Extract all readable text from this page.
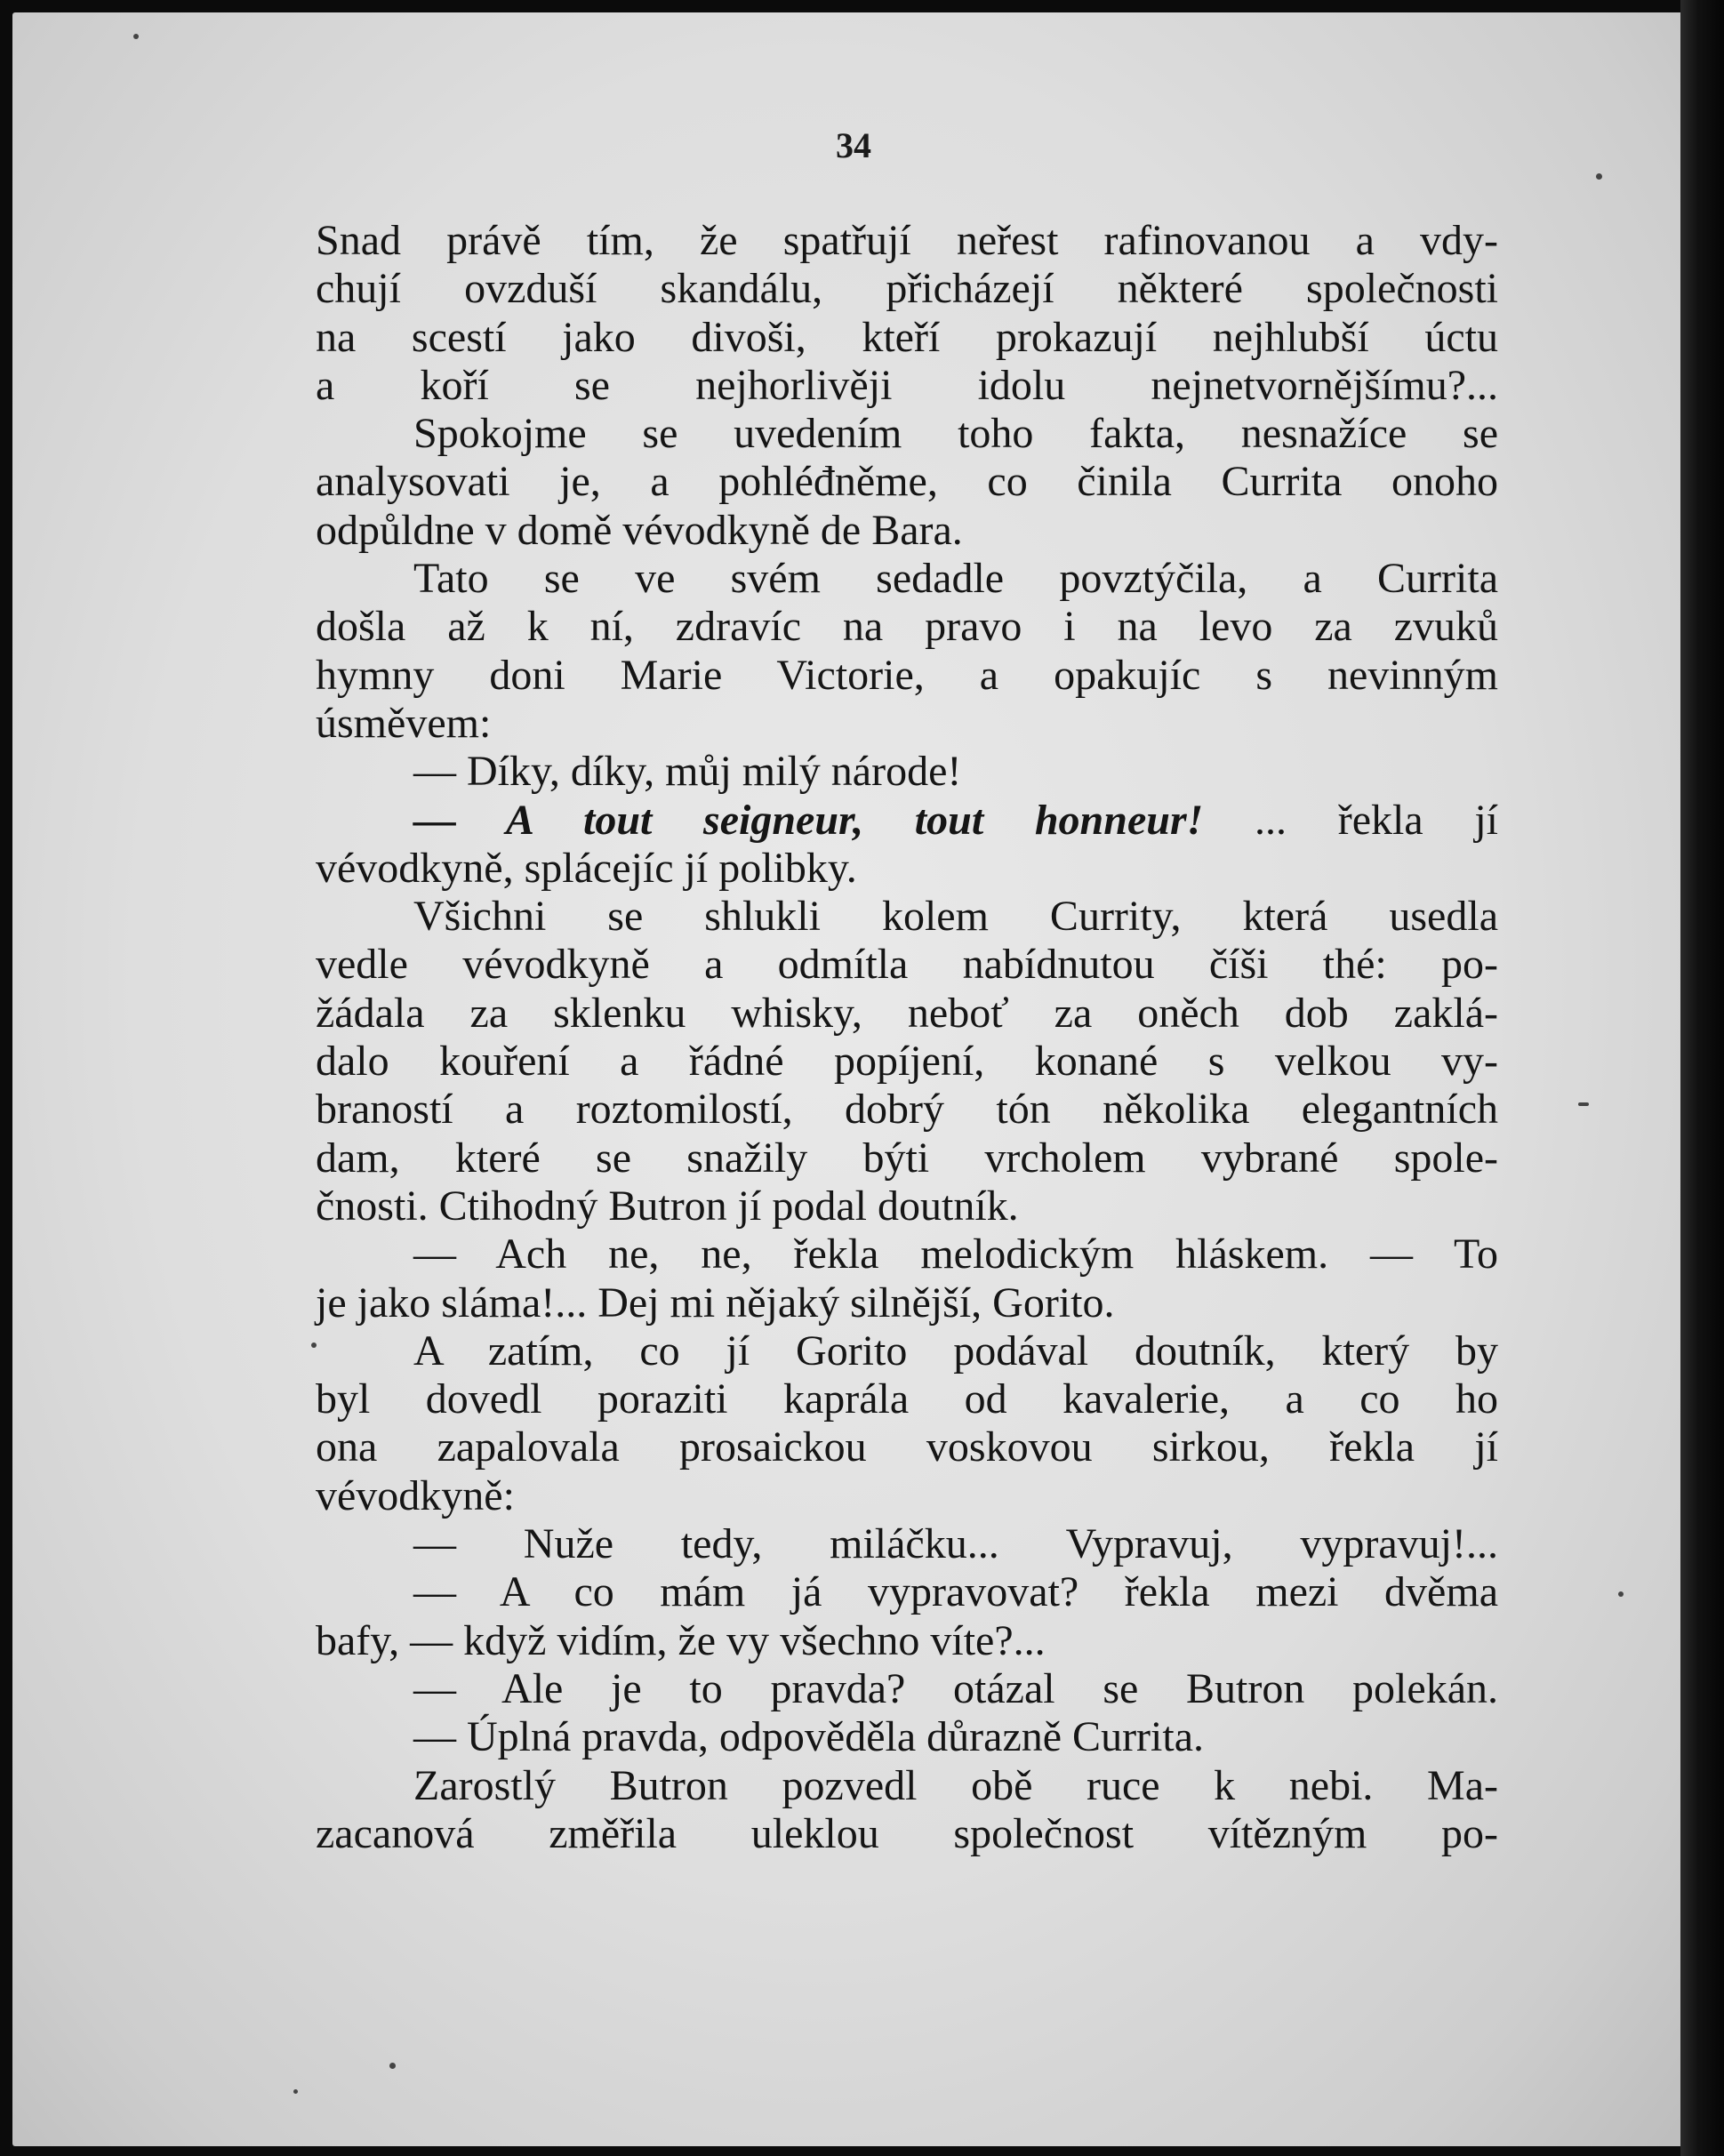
34

Snad právě tím, že spatřují neřest rafinovanou a vdy-

chují ovzduší skandálu, přicházejí některé společnosti

na scestí jako divoši, kteří prokazují nejhlubší úctu

a koří se nejhorlivěji idolu nejnetvornějšímu?...

Spokojme se uvedením toho fakta, nesnažíce se

analysovati je, a pohléđněme, co činila Currita onoho

odpůldne v domě vévodkyně de Bara.

Tato se ve svém sedadle povztýčila, a Currita

došla až k ní, zdravíc na pravo i na levo za zvuků

hymny doni Marie Victorie, a opakujíc s nevinným

úsměvem:

— Díky, díky, můj milý národe!

— A tout seigneur, tout honneur! ... řekla jí

vévodkyně, splácejíc jí polibky.

Všichni se shlukli kolem Currity, která usedla

vedle vévodkyně a odmítla nabídnutou číši thé: po-

žádala za sklenku whisky, neboť za oněch dob zaklá-

dalo kouření a řádné popíjení, konané s velkou vy-

braností a roztomilostí, dobrý tón několika elegantních

dam, které se snažily býti vrcholem vybrané spole-

čnosti. Ctihodný Butron jí podal doutník.

— Ach ne, ne, řekla melodickým hláskem. — To

je jako sláma!... Dej mi nějaký silnější, Gorito.

A zatím, co jí Gorito podával doutník, který by

byl dovedl poraziti kaprála od kavalerie, a co ho

ona zapalovala prosaickou voskovou sirkou, řekla jí

vévodkyně:

— Nuže tedy, miláčku... Vypravuj, vypravuj!...

— A co mám já vypravovat? řekla mezi dvěma

bafy, — když vidím, že vy všechno víte?...

— Ale je to pravda? otázal se Butron polekán.

— Úplná pravda, odpověděla důrazně Currita.

Zarostlý Butron pozvedl obě ruce k nebi. Ma-

zacanová změřila uleklou společnost vítězným po-
